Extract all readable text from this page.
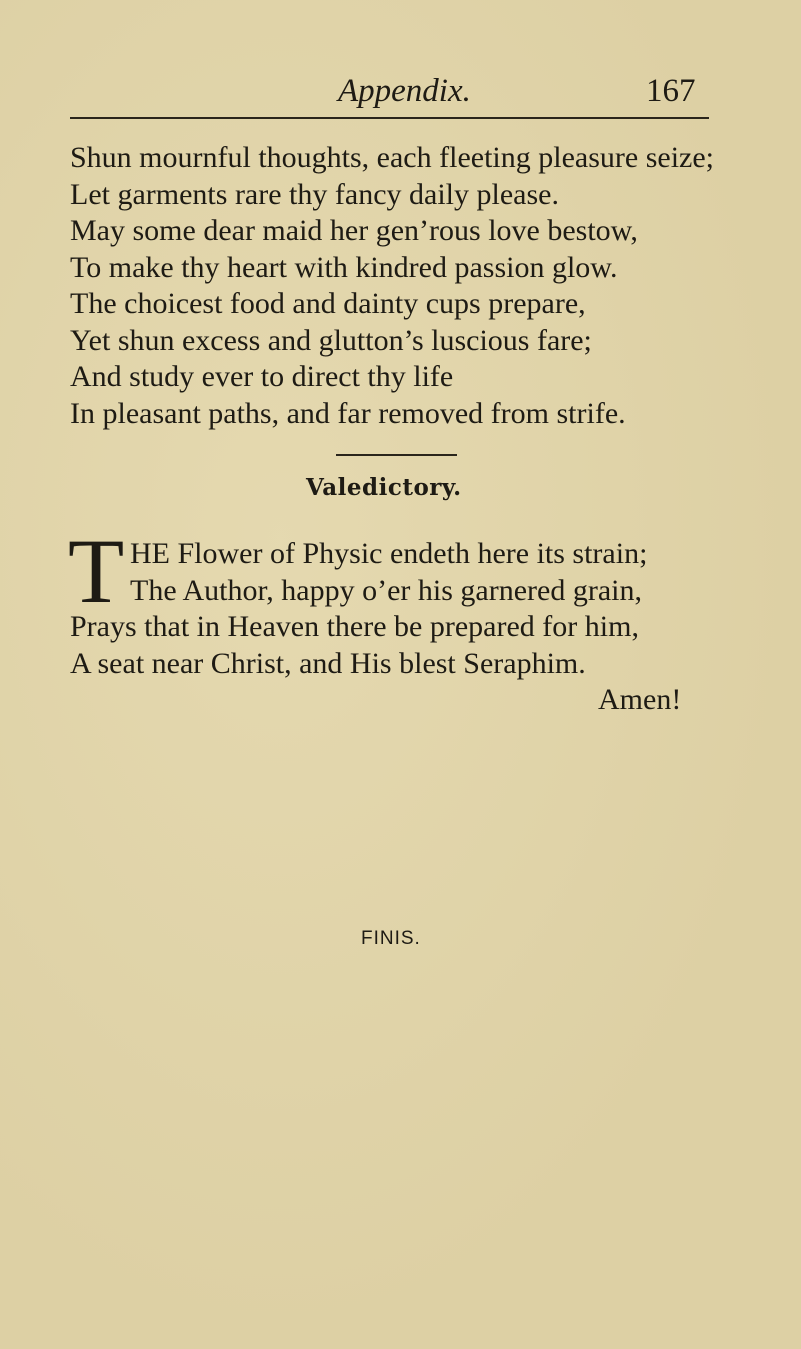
Appendix.	167
Shun mournful thoughts, each fleeting pleasure seize;
Let garments rare thy fancy daily please.
May some dear maid her gen’rous love bestow,
To make thy heart with kindred passion glow.
The choicest food and dainty cups prepare,
Yet shun excess and glutton’s luscious fare;
And study ever to direct thy life
In pleasant paths, and far removed from strife.
Valedictory.
T HE Flower of Physic endeth here its strain;
The Author, happy o’er his garnered grain,
Prays that in Heaven there be prepared for him,
A seat near Christ, and His blest Seraphim.
Amen!
FINIS.
